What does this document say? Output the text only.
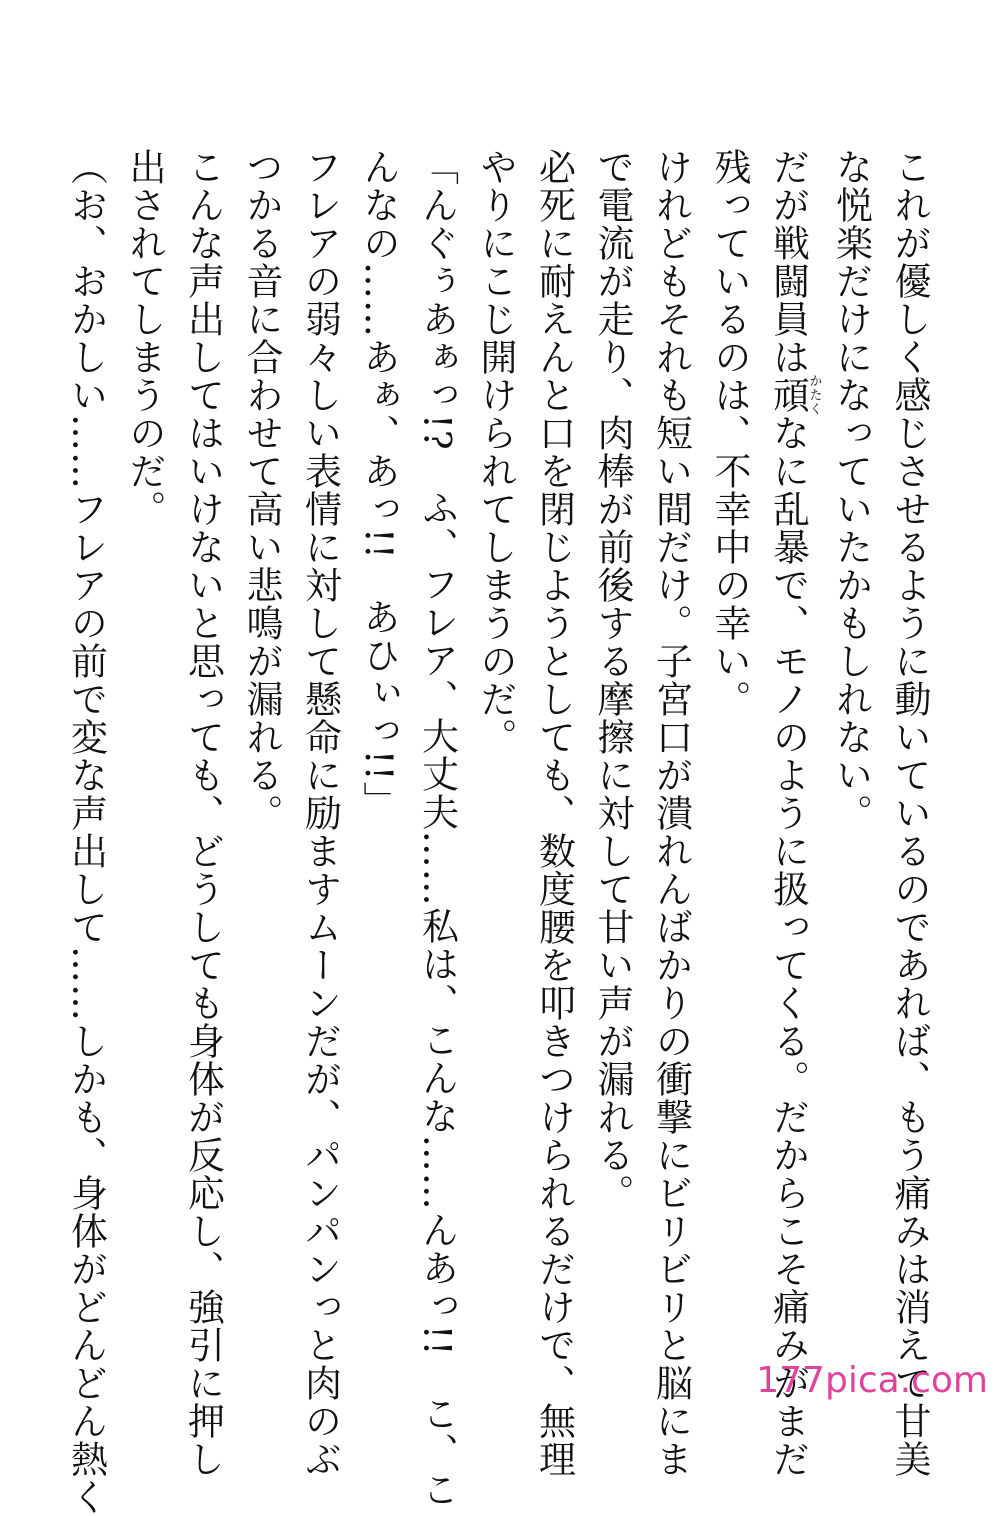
これが優しく感じさせるように動いているのであれば、もう痛みは消えて甘美
な悦楽だけになっていたかもしれない。
だが戦闘員は頑かたくなに乱暴で、モノのように扱ってくる。だからこそ痛みがまだ
残っているのは、不幸中の幸い。
けれどもそれも短い間だけ。子宮口が潰れんばかりの衝撃にビリビリと脳にま
で電流が走り、肉棒が前後する摩擦に対して甘い声が漏れる。
必死に耐えんと口を閉じようとしても、数度腰を叩きつけられるだけで、無理
やりにこじ開けられてしまうのだ。
「んぐぅあぁっ!?　ふ、フレア、大丈夫……私は、こんな……んあっ!!　こ、こ
んなの……あぁ、あっ!!　あひぃっ!!」
フレアの弱々しい表情に対して懸命に励ますムーンだが、パンパンっと肉のぶ
つかる音に合わせて高い悲鳴が漏れる。
こんな声出してはいけないと思っても、どうしても身体が反応し、強引に押し
出されてしまうのだ。
（お、おかしい……フレアの前で変な声出して……しかも、身体がどんどん熱く	177pica.com
